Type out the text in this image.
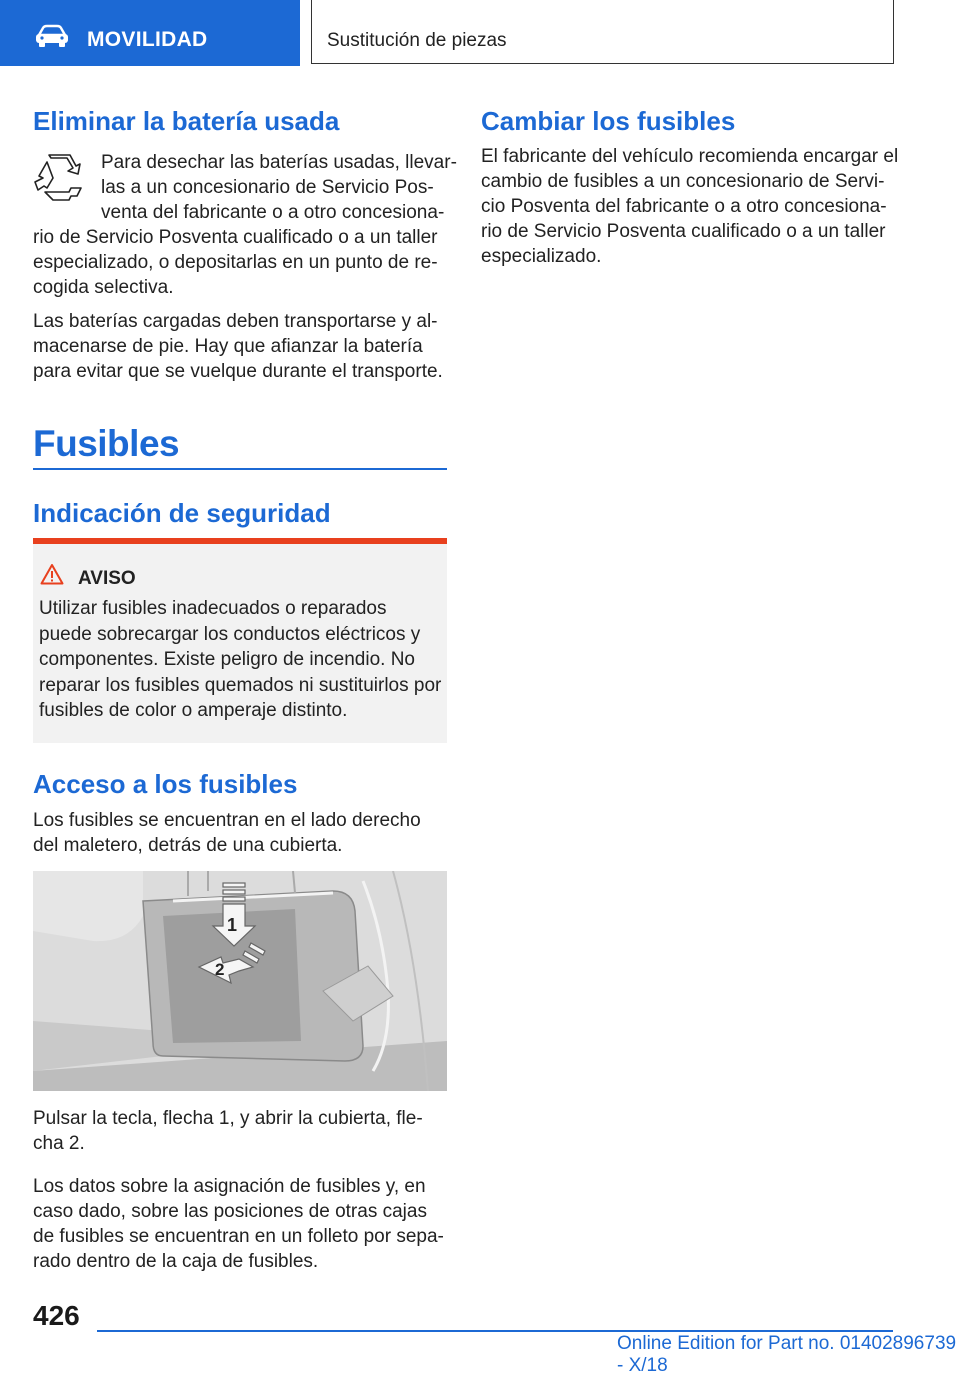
MOVILIDAD	Sustitución de piezas
Eliminar la batería usada

Para desechar las baterías usadas, llevar‐

las a un concesionario de Servicio Pos‐

venta del fabricante o a otro concesiona‐

rio de Servicio Posventa cualificado o a un taller

especializado, o depositarlas en un punto de re‐

cogida selectiva.

Las baterías cargadas deben transportarse y al‐

macenarse de pie. Hay que afianzar la batería

para evitar que se vuelque durante el transporte.

Fusibles
Indicación de seguridad
AVISO
Utilizar fusibles inadecuados o reparados
puede sobrecargar los conductos eléctricos y
componentes. Existe peligro de incendio. No
reparar los fusibles quemados ni sustituirlos por
fusibles de color o amperaje distinto.
Acceso a los fusibles

Los fusibles se encuentran en el lado derecho

del maletero, detrás de una cubierta.

1
2

Pulsar la tecla, flecha 1, y abrir la cubierta, fle‐

cha 2.

Los datos sobre la asignación de fusibles y, en

caso dado, sobre las posiciones de otras cajas

de fusibles se encuentran en un folleto por sepa‐

rado dentro de la caja de fusibles.

Cambiar los fusibles

El fabricante del vehículo recomienda encargar el

cambio de fusibles a un concesionario de Servi‐

cio Posventa del fabricante o a otro concesiona‐

rio de Servicio Posventa cualificado o a un taller

especializado.

426
Online Edition for Part no. 01402896739 - X/18
